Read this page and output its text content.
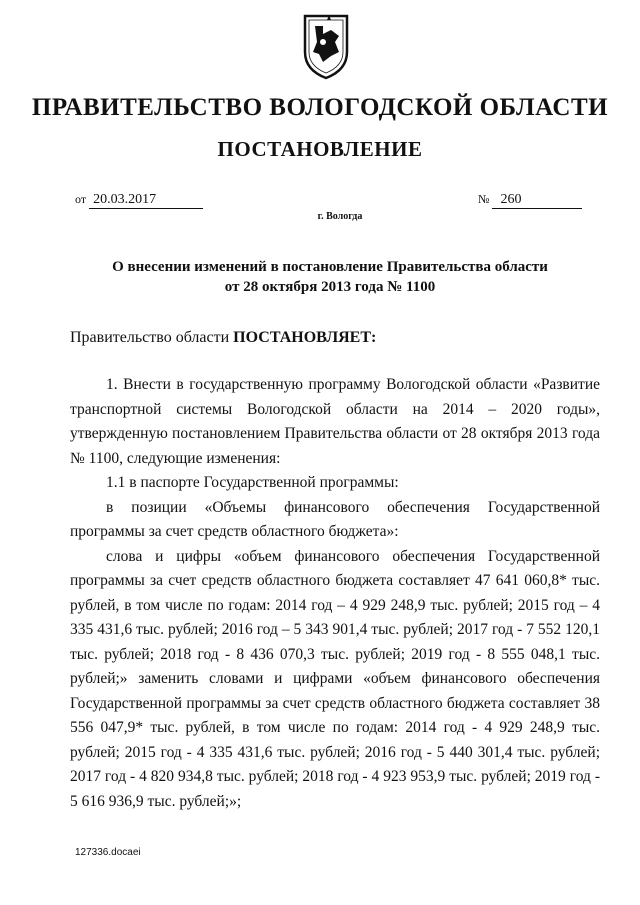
ПРАВИТЕЛЬСТВО ВОЛОГОДСКОЙ ОБЛАСТИ
ПОСТАНОВЛЕНИЕ
от 20.03.2017	№ 260
г. Вологда
О внесении изменений в постановление Правительства области
от 28 октября 2013 года № 1100
Правительство области ПОСТАНОВЛЯЕТ:

1. Внести в государственную программу Вологодской области «Развитие транспортной системы Вологодской области на 2014 – 2020 годы», утвержденную постановлением Правительства области от 28 октября 2013 года № 1100, следующие изменения:

1.1 в паспорте Государственной программы:

в позиции «Объемы финансового обеспечения Государственной программы за счет средств областного бюджета»:

слова и цифры «объем финансового обеспечения Государственной программы за счет средств областного бюджета составляет 47 641 060,8* тыс. рублей, в том числе по годам: 2014 год – 4 929 248,9 тыс. рублей; 2015 год – 4 335 431,6 тыс. рублей; 2016 год – 5 343 901,4 тыс. рублей; 2017 год - 7 552 120,1 тыс. рублей; 2018 год - 8 436 070,3 тыс. рублей; 2019 год - 8 555 048,1 тыс. рублей;» заменить словами и цифрами «объем финансового обеспечения Государственной программы за счет средств областного бюджета составляет 38 556 047,9* тыс. рублей, в том числе по годам: 2014 год - 4 929 248,9 тыс. рублей; 2015 год - 4 335 431,6 тыс. рублей; 2016 год - 5 440 301,4 тыс. рублей; 2017 год - 4 820 934,8 тыс. рублей; 2018 год - 4 923 953,9 тыс. рублей; 2019 год - 5 616 936,9 тыс. рублей;»;

127336.docaei
